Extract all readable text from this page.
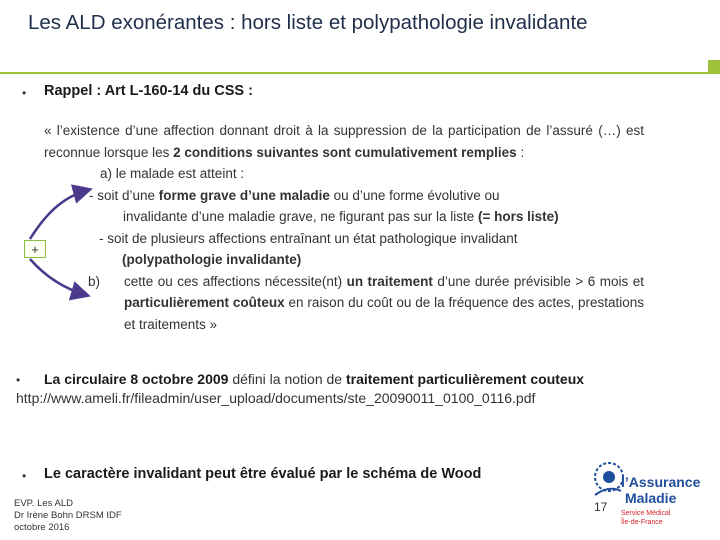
Les ALD exonérantes : hors liste et polypathologie invalidante
• Rappel : Art L-160-14 du CSS :

« l’existence d’une affection donnant droit à la suppression de la participation de l’assuré (…) est reconnue lorsque les 2 conditions suivantes sont cumulativement remplies :

a) le malade est atteint :

- soit d’une forme grave d’une maladie ou d’une forme évolutive ou

invalidante d’une maladie grave, ne figurant pas sur la liste (= hors liste)

- soit de plusieurs affections entraînant un état pathologique invalidant

(polypathologie invalidante)

b) cette ou ces affections nécessite(nt) un traitement d’une durée prévisible > 6 mois et particulièrement coûteux en raison du coût ou de la fréquence des actes, prestations et traitements »

+
•	La circulaire 8 octobre 2009 défini la notion de traitement particulièrement couteux
http://www.ameli.fr/fileadmin/user_upload/documents/ste_20090011_0100_0116.pdf
• Le caractère invalidant peut être évalué par le schéma de Wood
EVP. Les ALD
Dr Irène Bohn DRSM IDF
octobre 2016
17
l’Assurance
Maladie
Service Médical
Île-de-France
